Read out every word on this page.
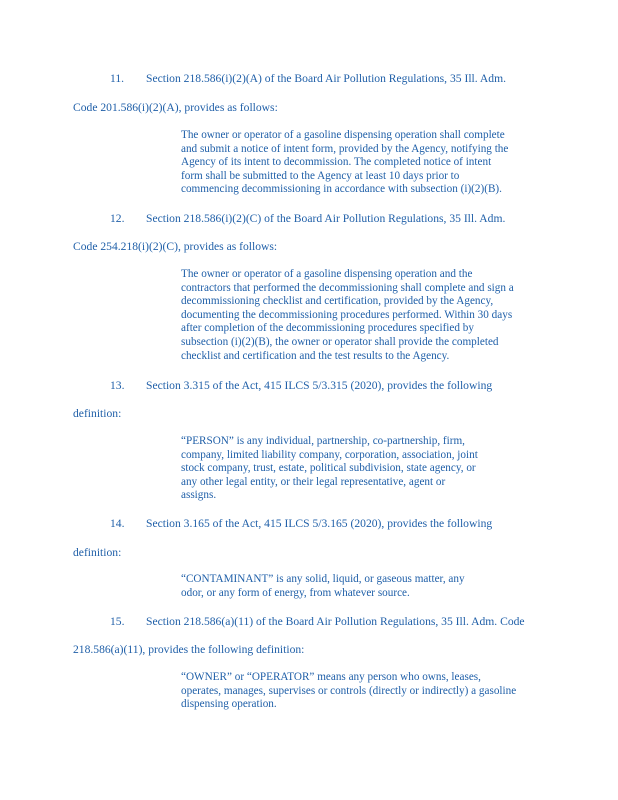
11. Section 218.586(i)(2)(A) of the Board Air Pollution Regulations, 35 Ill. Adm.
Code 201.586(i)(2)(A), provides as follows:
The owner or operator of a gasoline dispensing operation shall complete
and submit a notice of intent form, provided by the Agency, notifying the
Agency of its intent to decommission. The completed notice of intent
form shall be submitted to the Agency at least 10 days prior to
commencing decommissioning in accordance with subsection (i)(2)(B).
12. Section 218.586(i)(2)(C) of the Board Air Pollution Regulations, 35 Ill. Adm.
Code 254.218(i)(2)(C), provides as follows:
The owner or operator of a gasoline dispensing operation and the
contractors that performed the decommissioning shall complete and sign a
decommissioning checklist and certification, provided by the Agency,
documenting the decommissioning procedures performed. Within 30 days
after completion of the decommissioning procedures specified by
subsection (i)(2)(B), the owner or operator shall provide the completed
checklist and certification and the test results to the Agency.
13. Section 3.315 of the Act, 415 ILCS 5/3.315 (2020), provides the following
definition:
“PERSON” is any individual, partnership, co-partnership, firm,
company, limited liability company, corporation, association, joint
stock company, trust, estate, political subdivision, state agency, or
any other legal entity, or their legal representative, agent or
assigns.
14. Section 3.165 of the Act, 415 ILCS 5/3.165 (2020), provides the following
definition:
“CONTAMINANT” is any solid, liquid, or gaseous matter, any
odor, or any form of energy, from whatever source.
15. Section 218.586(a)(11) of the Board Air Pollution Regulations, 35 Ill. Adm. Code
218.586(a)(11), provides the following definition:
“OWNER” or “OPERATOR” means any person who owns, leases,
operates, manages, supervises or controls (directly or indirectly) a gasoline
dispensing operation.
